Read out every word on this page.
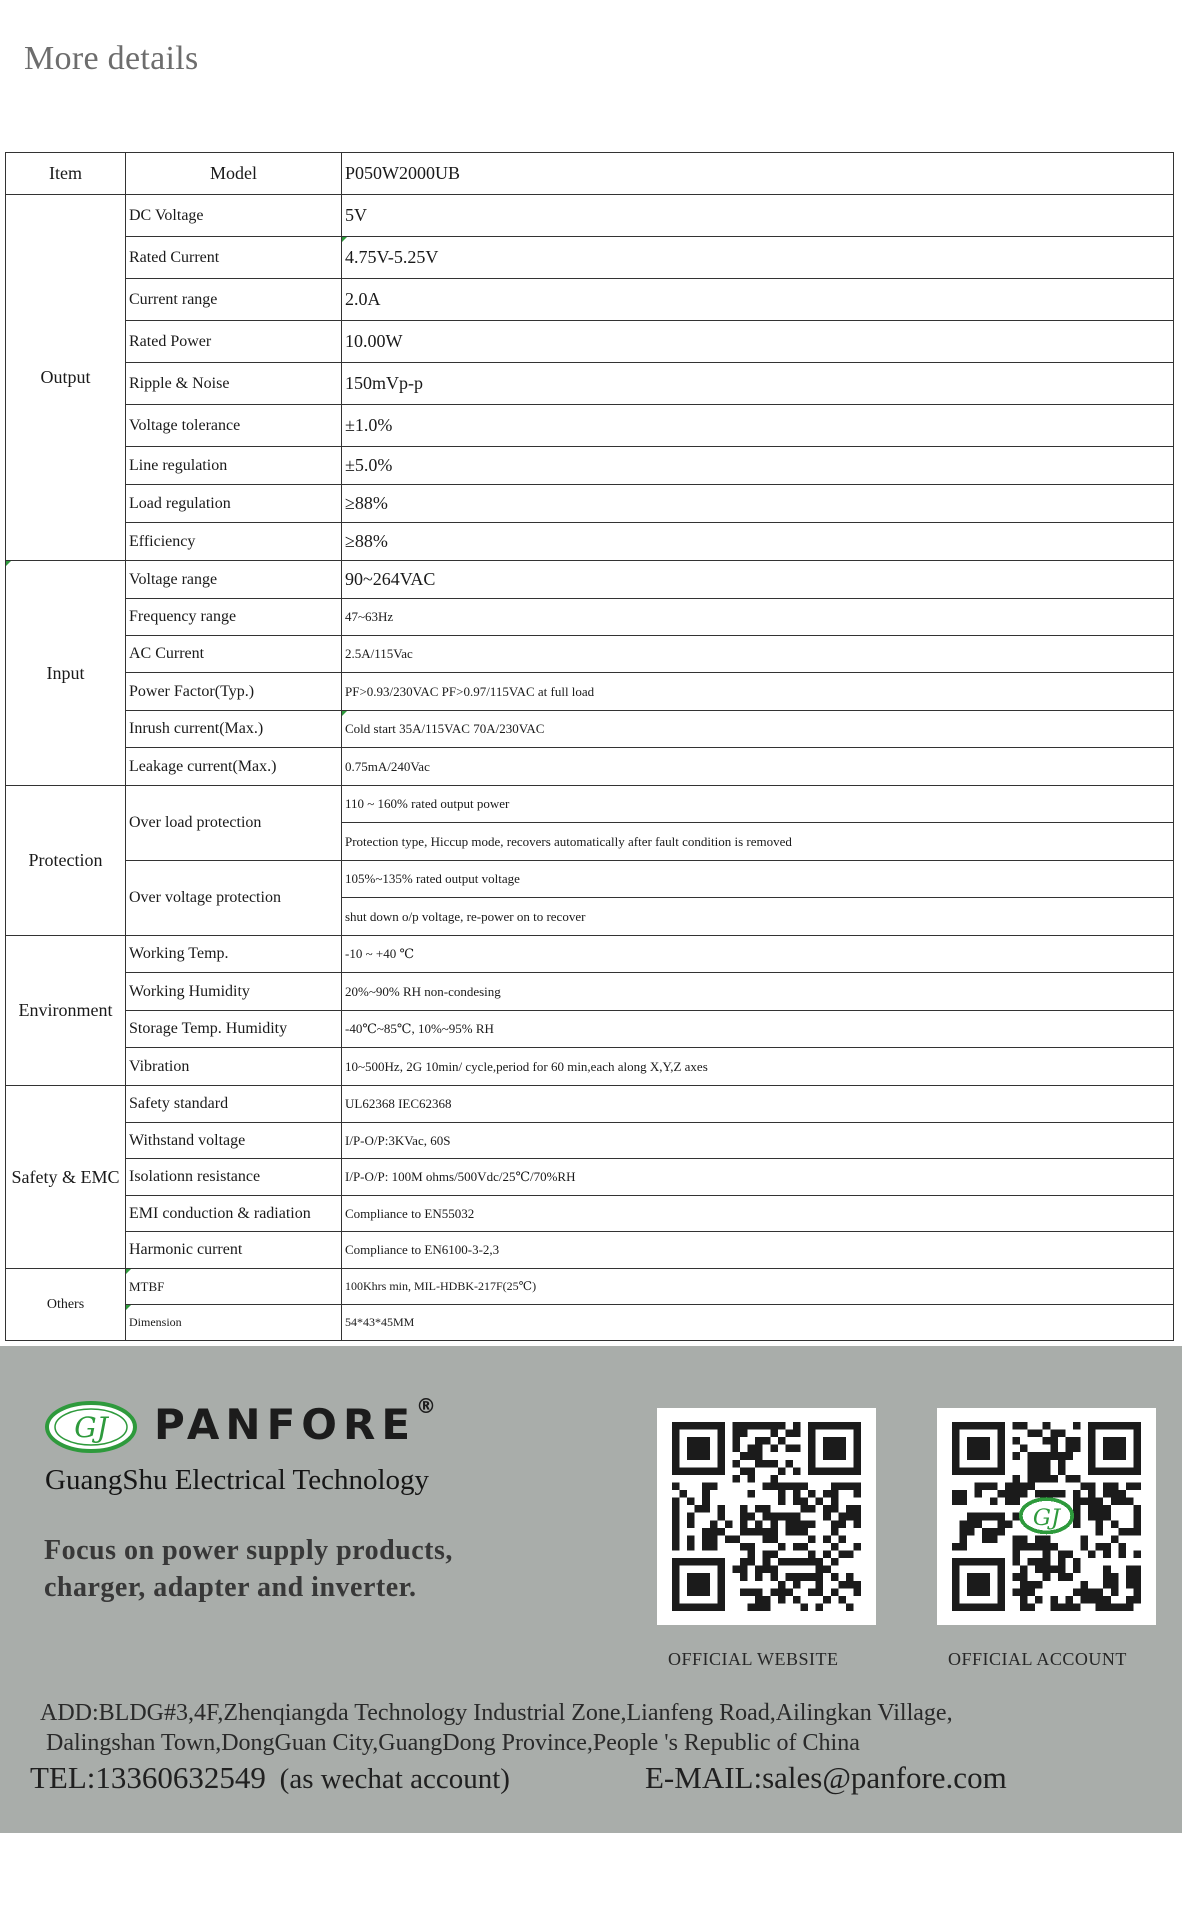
More details
Item	Model	P050W2000UB
Output	DC Voltage	5V
	Rated Current	4.75V-5.25V
	Current range	2.0A
	Rated Power	10.00W
	Ripple & Noise	150mVp-p
	Voltage tolerance	±1.0%
	Line regulation	±5.0%
	Load regulation	≥88%
	Efficiency	≥88%
Input	Voltage range	90~264VAC
	Frequency range	47~63Hz
	AC Current	2.5A/115Vac
	Power Factor(Typ.)	PF>0.93/230VAC PF>0.97/115VAC at full load
	Inrush current(Max.)	Cold start 35A/115VAC 70A/230VAC
	Leakage current(Max.)	0.75mA/240Vac
Protection	Over load protection	110 ~ 160% rated output power
		Protection type, Hiccup mode, recovers automatically after fault condition is removed
	Over voltage protection	105%~135% rated output voltage
		shut down o/p voltage, re-power on to recover
Environment	Working Temp.	-10 ~ +40 ℃
	Working Humidity	20%~90% RH non-condesing
	Storage Temp. Humidity	-40℃~85℃, 10%~95% RH
	Vibration	10~500Hz, 2G 10min/ cycle,period for 60 min,each along X,Y,Z axes
Safety & EMC	Safety standard	UL62368 IEC62368
	Withstand voltage	I/P-O/P:3KVac, 60S
	Isolationn resistance	I/P-O/P: 100M ohms/500Vdc/25℃/70%RH
	EMI conduction & radiation	Compliance to EN55032
	Harmonic current	Compliance to EN6100-3-2,3
Others	MTBF	100Khrs min, MIL-HDBK-217F(25℃)
	Dimension	54*43*45MM
GJ PANFORE®
GuangShu Electrical Technology
Focus on power supply products,
charger, adapter and inverter.
OFFICIAL WEBSITE
GJ
OFFICIAL ACCOUNT
ADD:BLDG#3,4F,Zhenqiangda Technology Industrial Zone,Lianfeng Road,Ailingkan Village,
Dalingshan Town,DongGuan City,GuangDong Province,People 's Republic of China
TEL:13360632549 (as wechat account)	E-MAIL:sales@panfore.com
